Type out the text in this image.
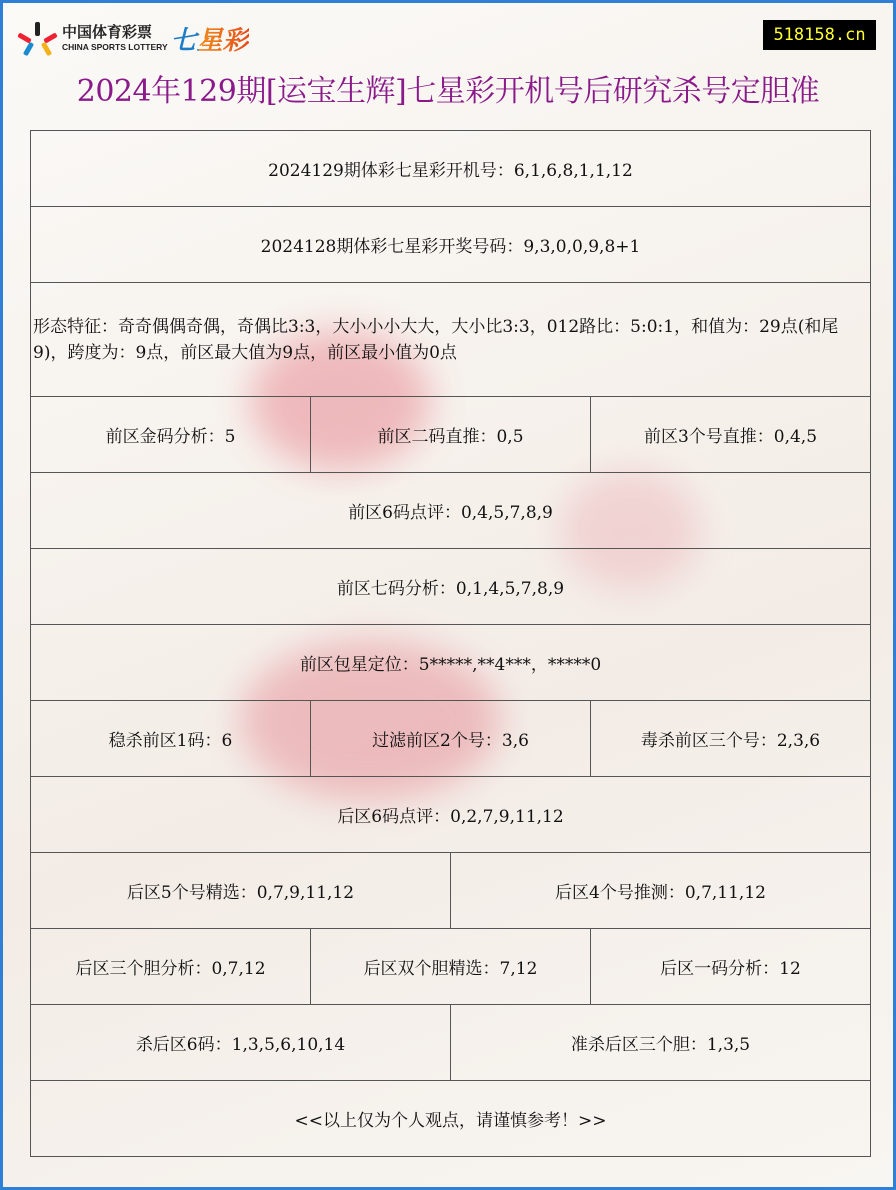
中国体育彩票
CHINA SPORTS LOTTERY 七星彩	518158.cn
2024年129期[运宝生辉]七星彩开机号后研究杀号定胆准
2024129期体彩七星彩开机号：6,1,6,8,1,1,12			
2024128期体彩七星彩开奖号码：9,3,0,0,9,8+1			
形态特征：奇奇偶偶奇偶，奇偶比3:3，大小小小大大，大小比3:3，012路比：5:0:1，和值为：29点(和尾9)，跨度为：9点，前区最大值为9点，前区最小值为0点			
前区金码分析：5	前区二码直推：0,5		前区3个号直推：0,4,5
前区6码点评：0,4,5,7,8,9			
前区七码分析：0,1,4,5,7,8,9			
前区包星定位：5*****,**4***，*****0			
稳杀前区1码：6	过滤前区2个号：3,6		毒杀前区三个号：2,3,6
后区6码点评：0,2,7,9,11,12			
后区5个号精选：0,7,9,11,12		后区4个号推测：0,7,11,12	
后区三个胆分析：0,7,12	后区双个胆精选：7,12		后区一码分析：12
杀后区6码：1,3,5,6,10,14		准杀后区三个胆：1,3,5	
<<以上仅为个人观点，请谨慎参考！>>			
